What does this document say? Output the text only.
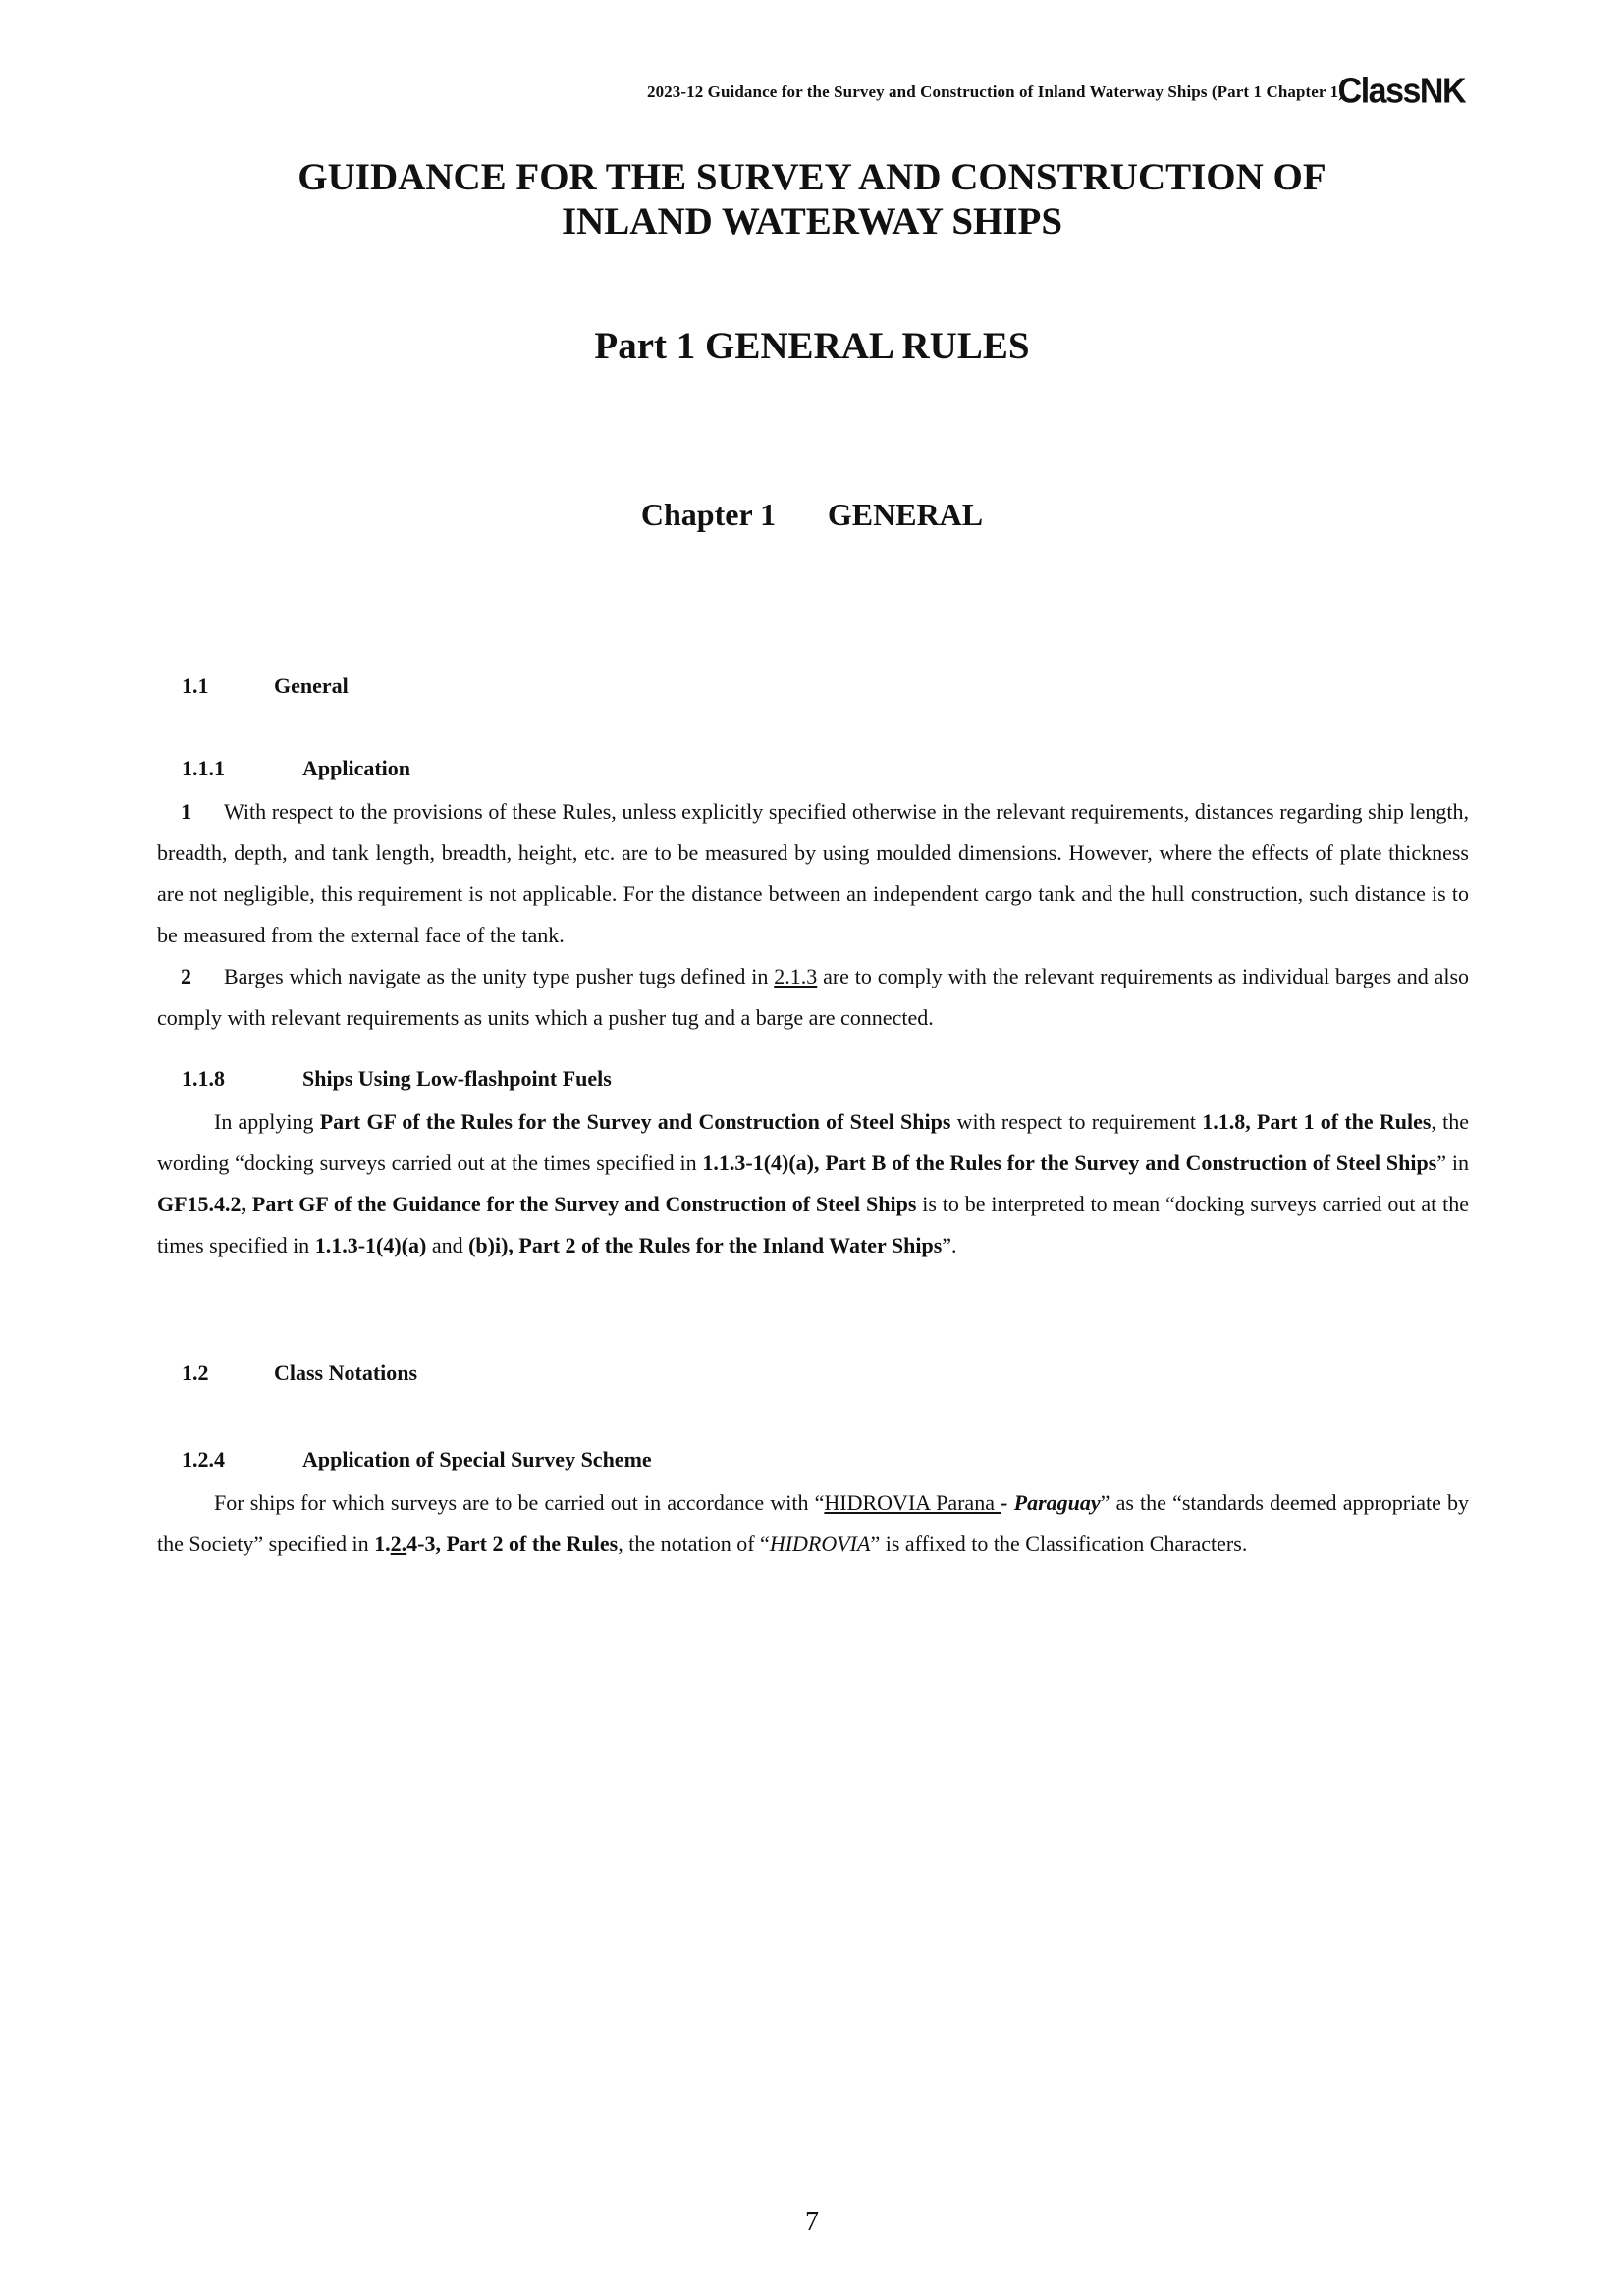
2023-12 Guidance for the Survey and Construction of Inland Waterway Ships (Part 1 Chapter 1)
ClassNK
GUIDANCE FOR THE SURVEY AND CONSTRUCTION OF
INLAND WATERWAY SHIPS
Part 1 GENERAL RULES
Chapter 1 GENERAL
1.1	General
1.1.1	Application
1 With respect to the provisions of these Rules, unless explicitly specified otherwise in the relevant requirements, distances regarding ship length, breadth, depth, and tank length, breadth, height, etc. are to be measured by using moulded dimensions. However, where the effects of plate thickness are not negligible, this requirement is not applicable. For the distance between an independent cargo tank and the hull construction, such distance is to be measured from the external face of the tank.
2 Barges which navigate as the unity type pusher tugs defined in 2.1.3 are to comply with the relevant requirements as individual barges and also comply with relevant requirements as units which a pusher tug and a barge are connected.
1.1.8	Ships Using Low-flashpoint Fuels
In applying Part GF of the Rules for the Survey and Construction of Steel Ships with respect to requirement 1.1.8, Part 1 of the Rules, the wording “docking surveys carried out at the times specified in 1.1.3-1(4)(a), Part B of the Rules for the Survey and Construction of Steel Ships” in GF15.4.2, Part GF of the Guidance for the Survey and Construction of Steel Ships is to be interpreted to mean “docking surveys carried out at the times specified in 1.1.3-1(4)(a) and (b)i), Part 2 of the Rules for the Inland Water Ships”.
1.2	Class Notations
1.2.4	Application of Special Survey Scheme
For ships for which surveys are to be carried out in accordance with “HIDROVIA Parana - Paraguay” as the “standards deemed appropriate by the Society” specified in 1.2.4-3, Part 2 of the Rules, the notation of “HIDROVIA” is affixed to the Classification Characters.
7
